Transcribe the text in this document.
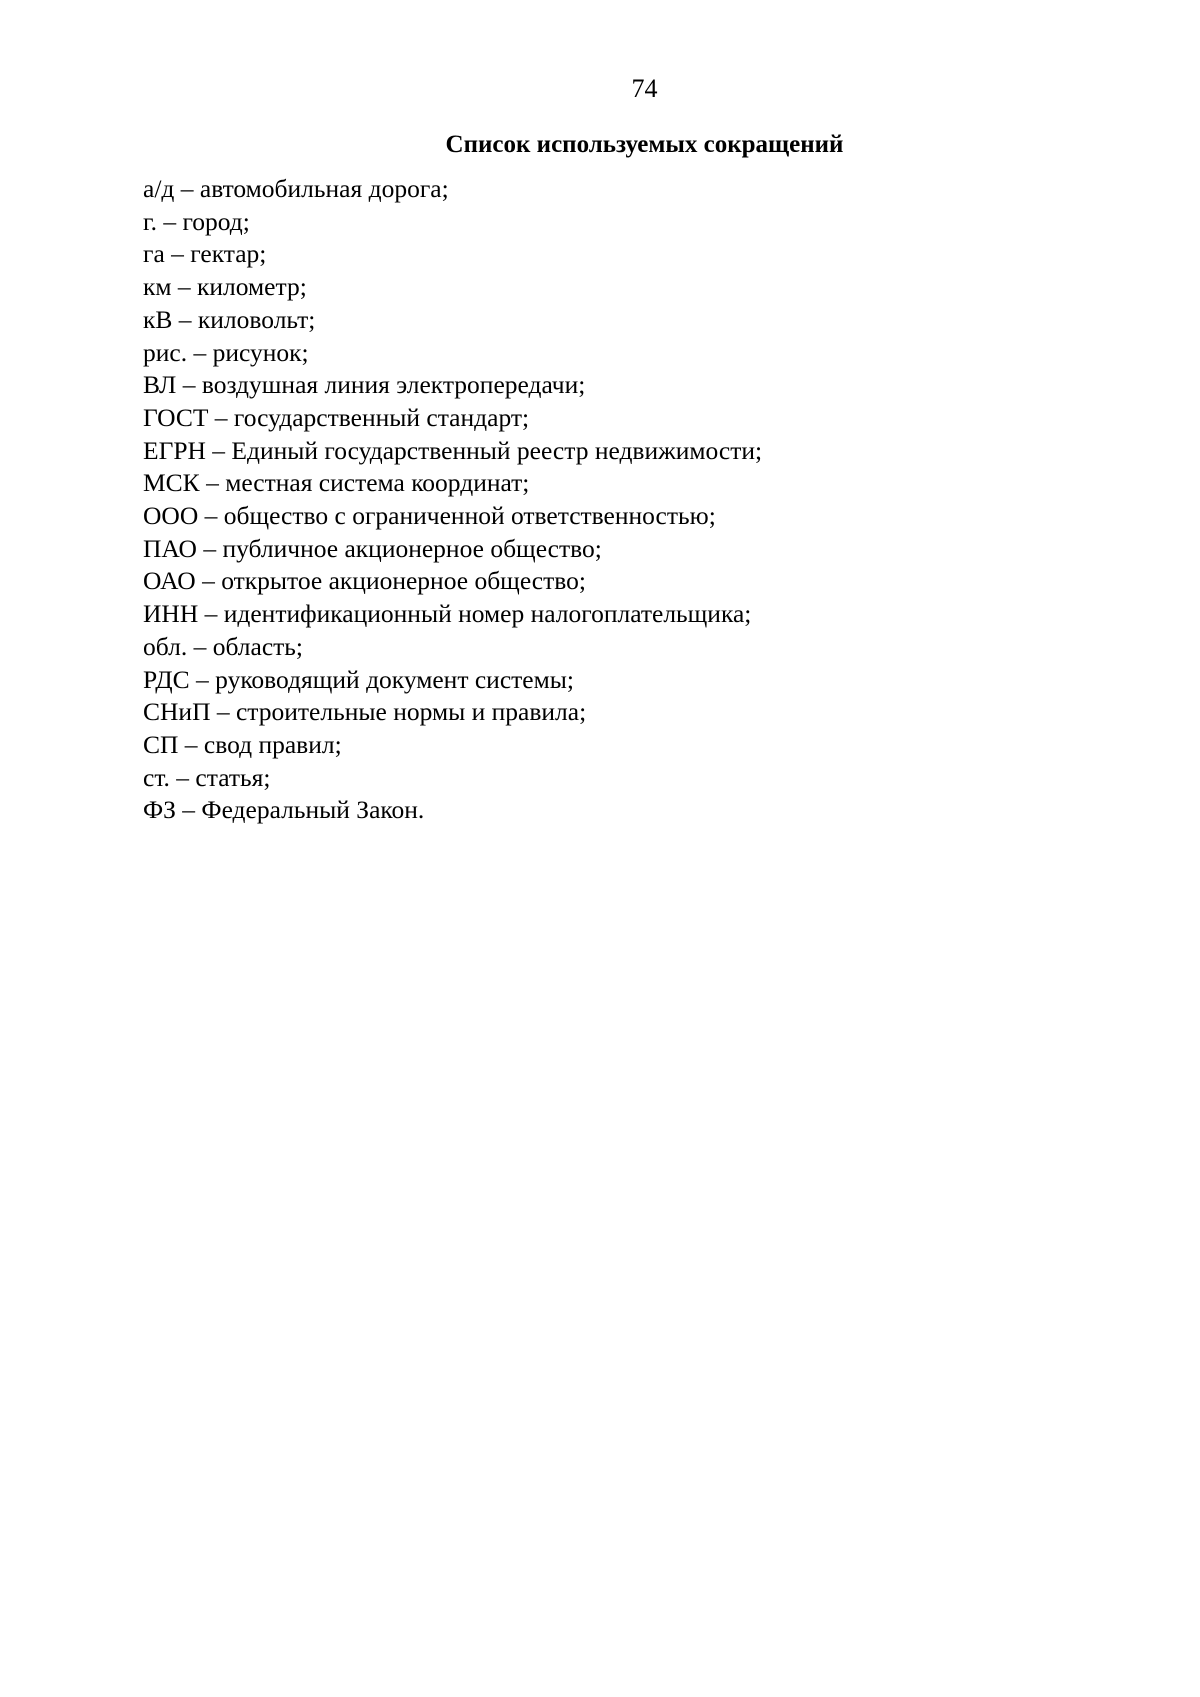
74
Список используемых сокращений
а/д – автомобильная дорога;
г. – город;
га – гектар;
км – километр;
кВ – киловольт;
рис. – рисунок;
ВЛ – воздушная линия электропередачи;
ГОСТ – государственный стандарт;
ЕГРН – Единый государственный реестр недвижимости;
МСК – местная система координат;
ООО – общество с ограниченной ответственностью;
ПАО – публичное акционерное общество;
ОАО – открытое акционерное общество;
ИНН – идентификационный номер налогоплательщика;
обл. – область;
РДС – руководящий документ системы;
СНиП – строительные нормы и правила;
СП – свод правил;
ст. – статья;
ФЗ – Федеральный Закон.
